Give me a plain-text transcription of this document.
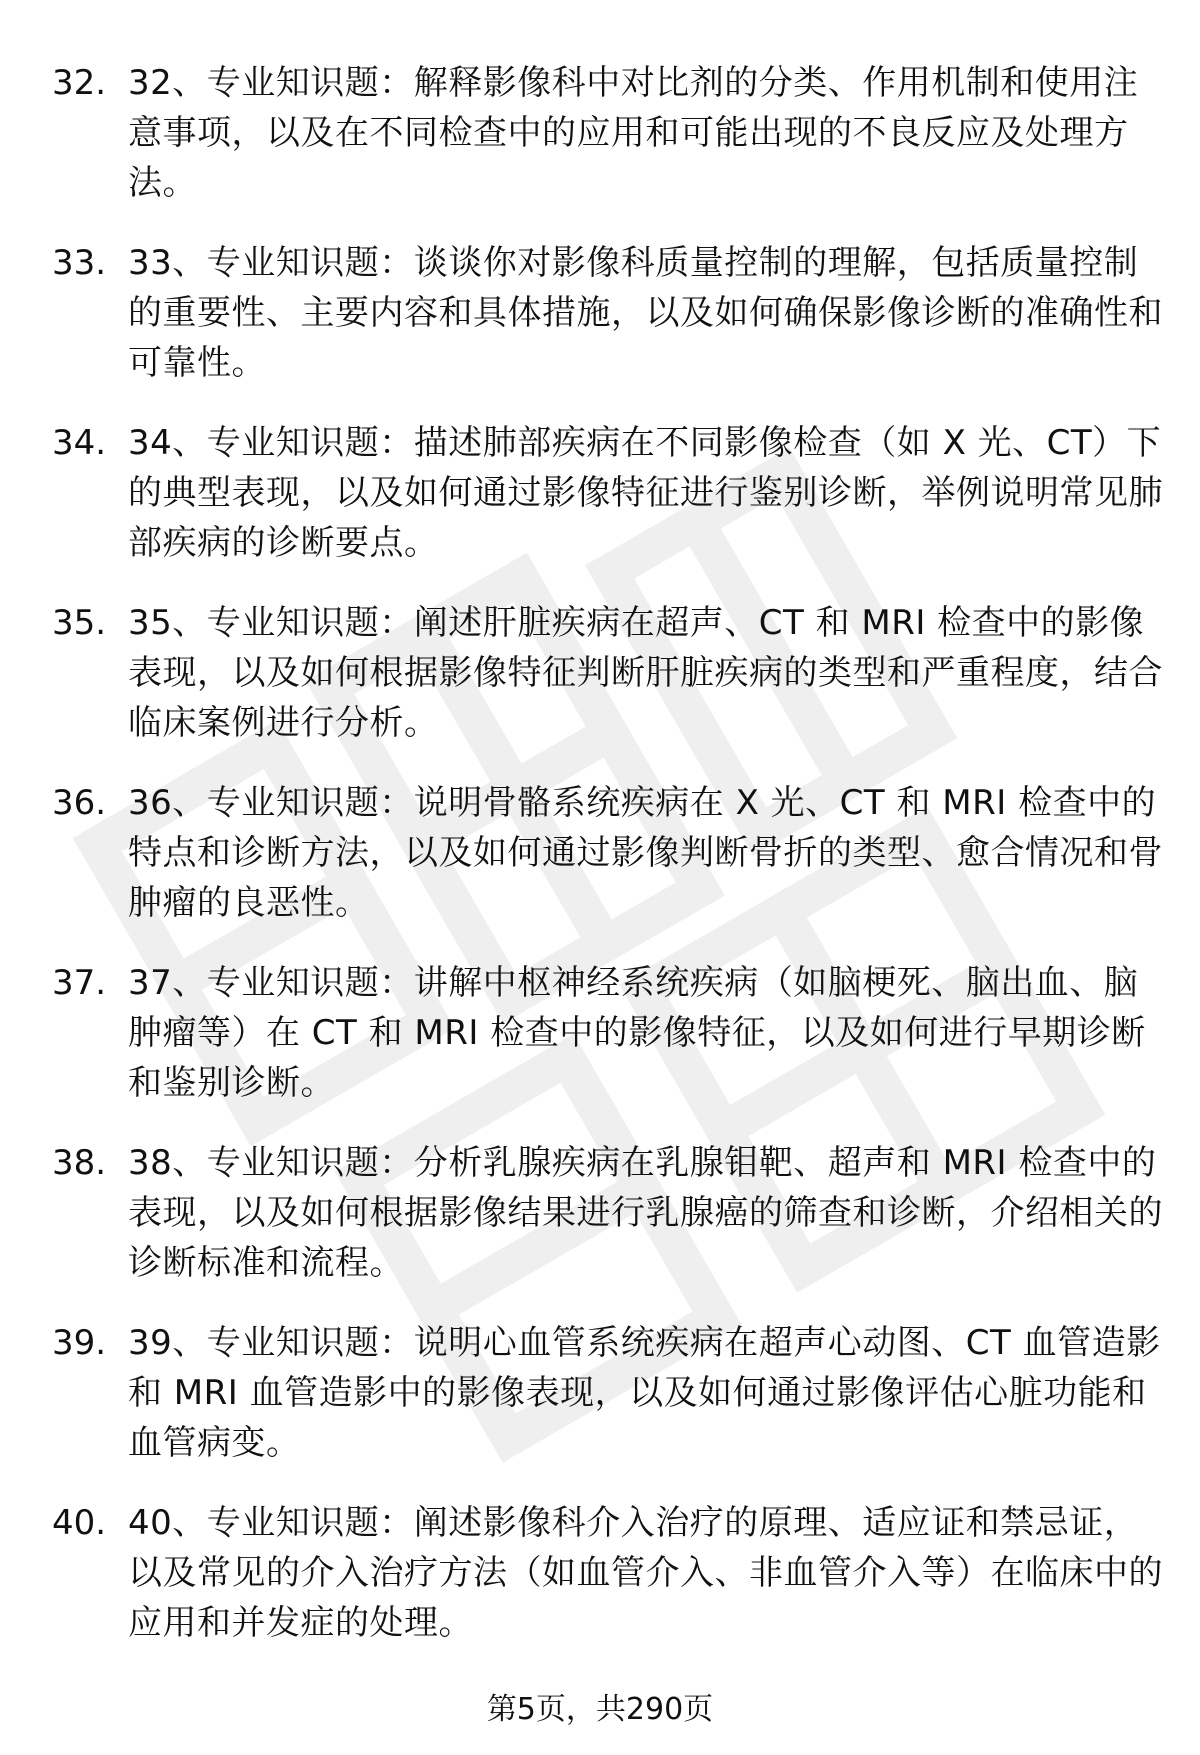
32. 32、专业知识题：解释影像科中对比剂的分类、作用机制和使用注意事项，以及在不同检查中的应用和可能出现的不良反应及处理方法。
33. 33、专业知识题：谈谈你对影像科质量控制的理解，包括质量控制的重要性、主要内容和具体措施，以及如何确保影像诊断的准确性和可靠性。
34. 34、专业知识题：描述肺部疾病在不同影像检查（如 X 光、CT）下的典型表现，以及如何通过影像特征进行鉴别诊断，举例说明常见肺部疾病的诊断要点。
35. 35、专业知识题：阐述肝脏疾病在超声、CT 和 MRI 检查中的影像表现，以及如何根据影像特征判断肝脏疾病的类型和严重程度，结合临床案例进行分析。
36. 36、专业知识题：说明骨骼系统疾病在 X 光、CT 和 MRI 检查中的特点和诊断方法，以及如何通过影像判断骨折的类型、愈合情况和骨肿瘤的良恶性。
37. 37、专业知识题：讲解中枢神经系统疾病（如脑梗死、脑出血、脑肿瘤等）在 CT 和 MRI 检查中的影像特征，以及如何进行早期诊断和鉴别诊断。
38. 38、专业知识题：分析乳腺疾病在乳腺钼靶、超声和 MRI 检查中的表现，以及如何根据影像结果进行乳腺癌的筛查和诊断，介绍相关的诊断标准和流程。
39. 39、专业知识题：说明心血管系统疾病在超声心动图、CT 血管造影和 MRI 血管造影中的影像表现，以及如何通过影像评估心脏功能和血管病变。
40. 40、专业知识题：阐述影像科介入治疗的原理、适应证和禁忌证，以及常见的介入治疗方法（如血管介入、非血管介入等）在临床中的应用和并发症的处理。
第5页，共290页
